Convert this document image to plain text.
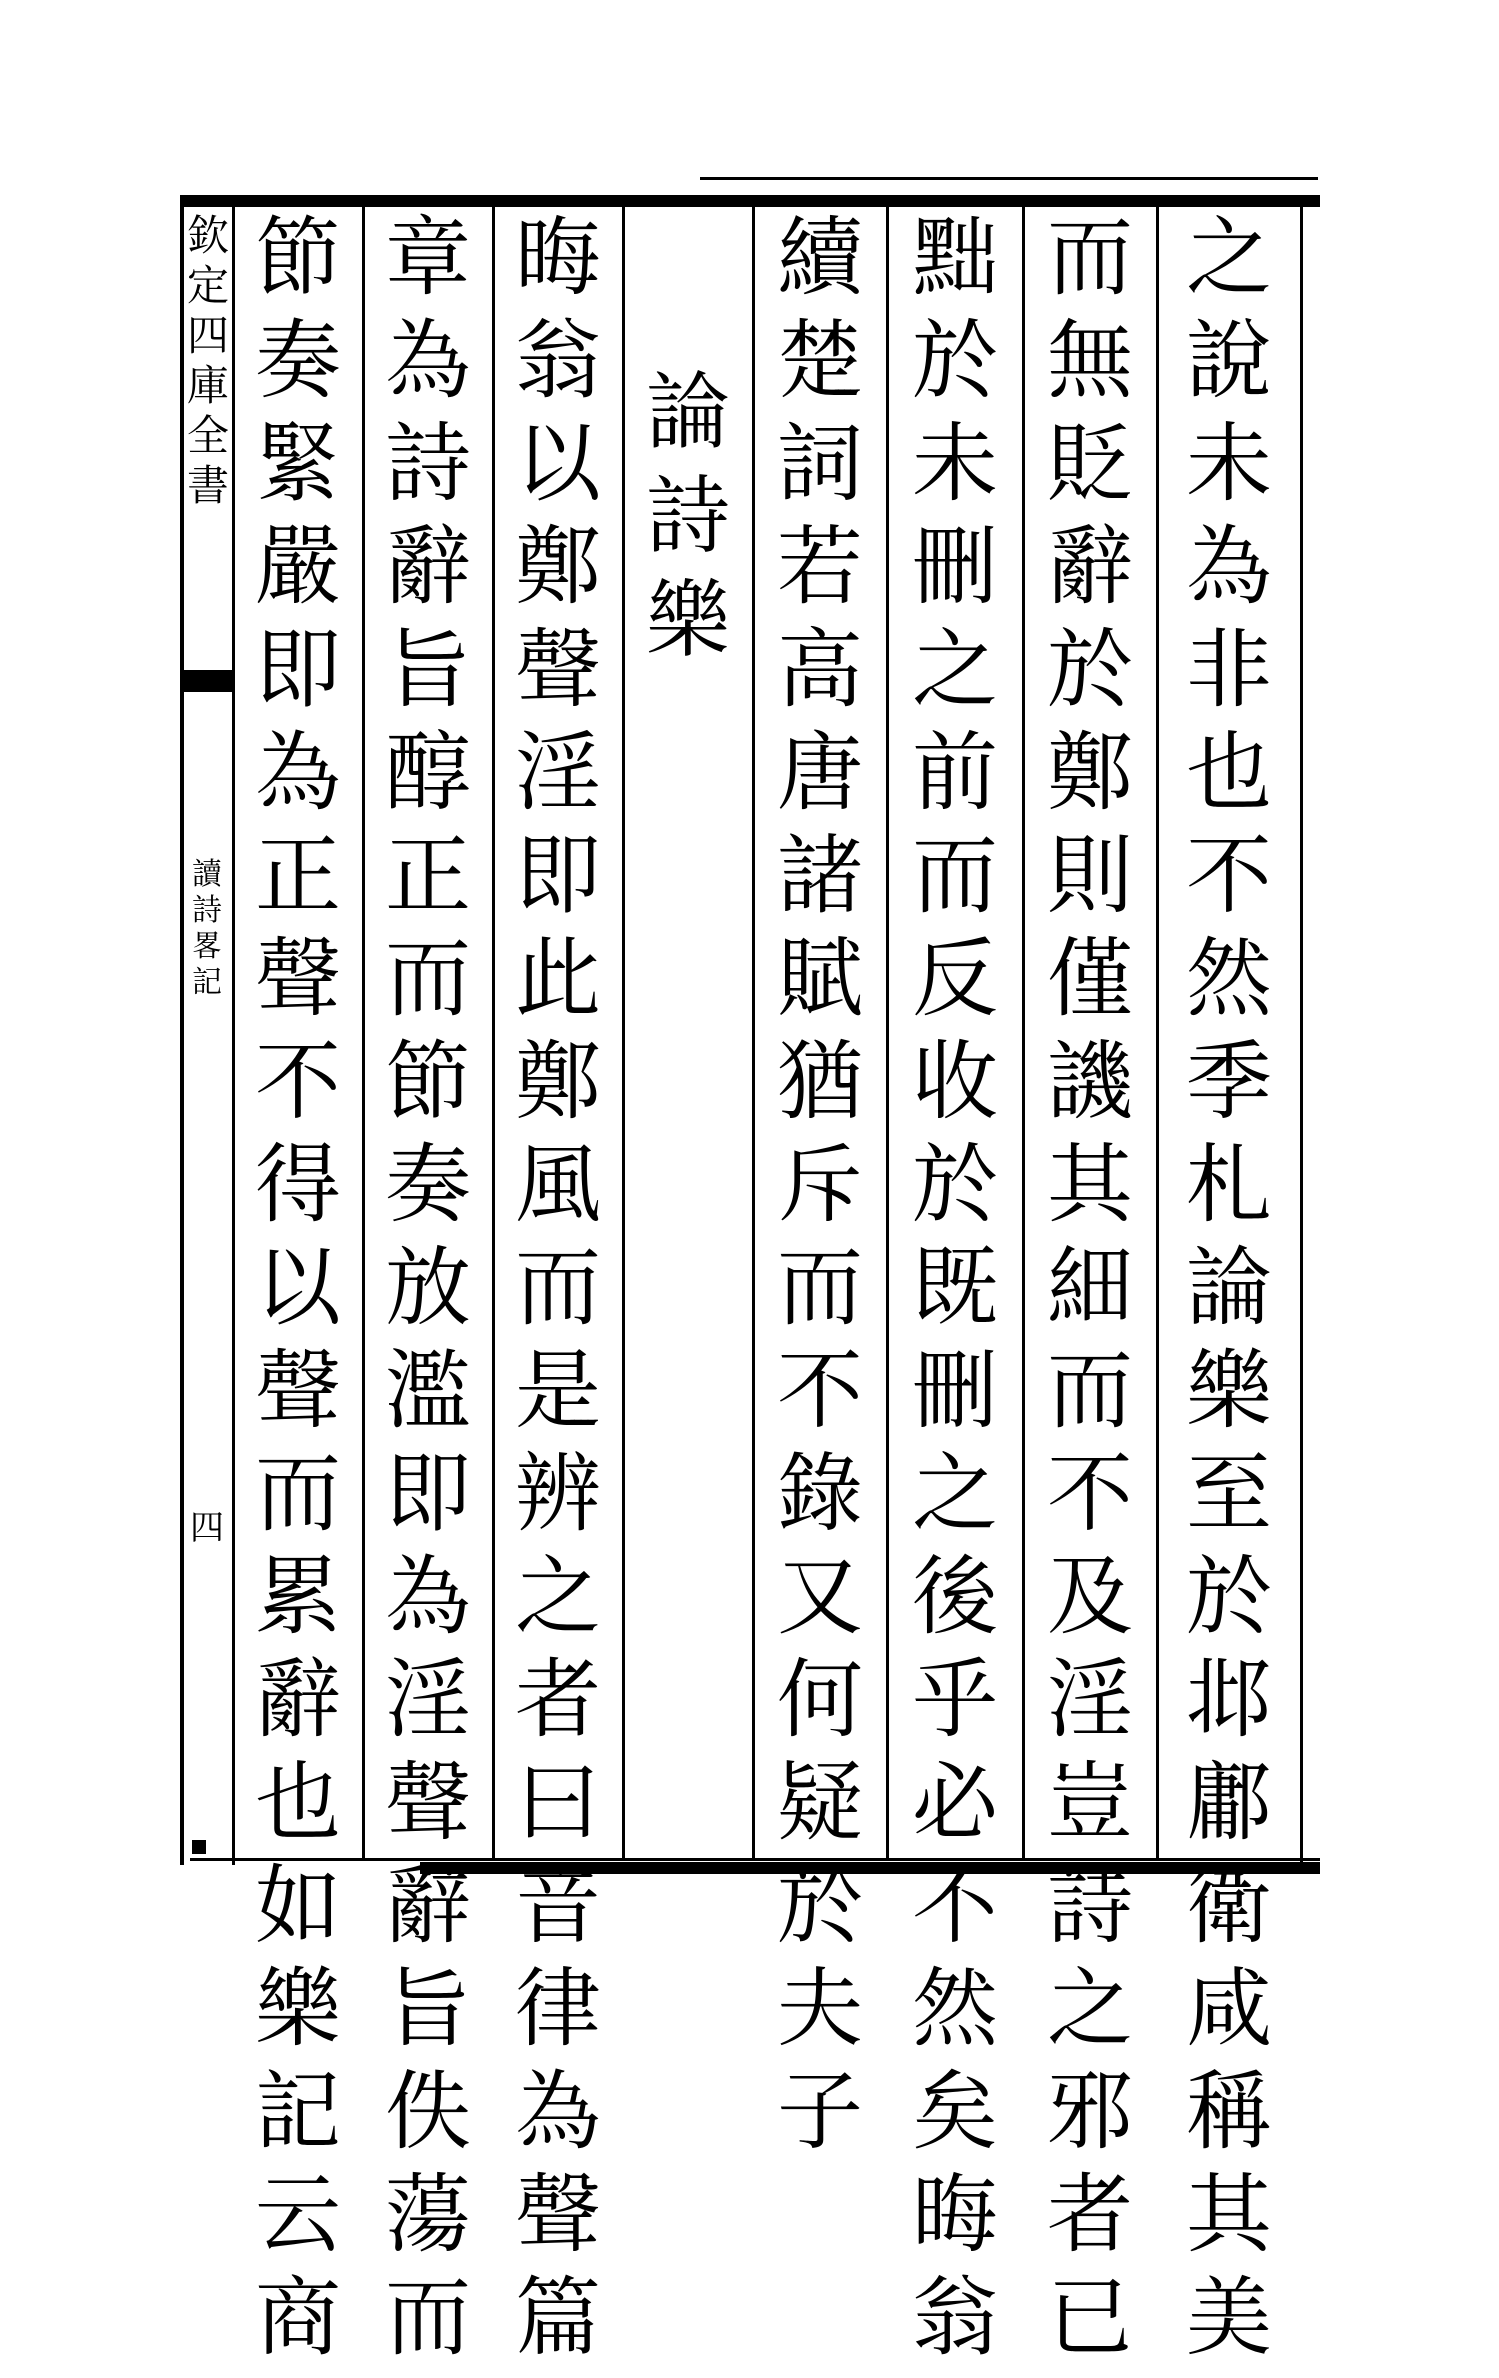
欽
定
四
庫
全
書
讀
詩
畧
記
四
之
說
未
為
非
也
不
然
季
札
論
樂
至
於
邶
鄘
衛
咸
稱
其
美
而
無
貶
辭
於
鄭
則
僅
譏
其
細
而
不
及
淫
豈
詩
之
邪
者
已
黜
於
未
刪
之
前
而
反
收
於
既
刪
之
後
乎
必
不
然
矣
晦
翁
續
楚
詞
若
高
唐
諸
賦
猶
斥
而
不
錄
又
何
疑
於
夫
子
論
詩
樂
晦
翁
以
鄭
聲
淫
即
此
鄭
風
而
是
辨
之
者
曰
音
律
為
聲
篇
章
為
詩
辭
旨
醇
正
而
節
奏
放
濫
即
為
淫
聲
辭
旨
佚
蕩
而
節
奏
緊
嚴
即
為
正
聲
不
得
以
聲
而
累
辭
也
如
樂
記
云
商
